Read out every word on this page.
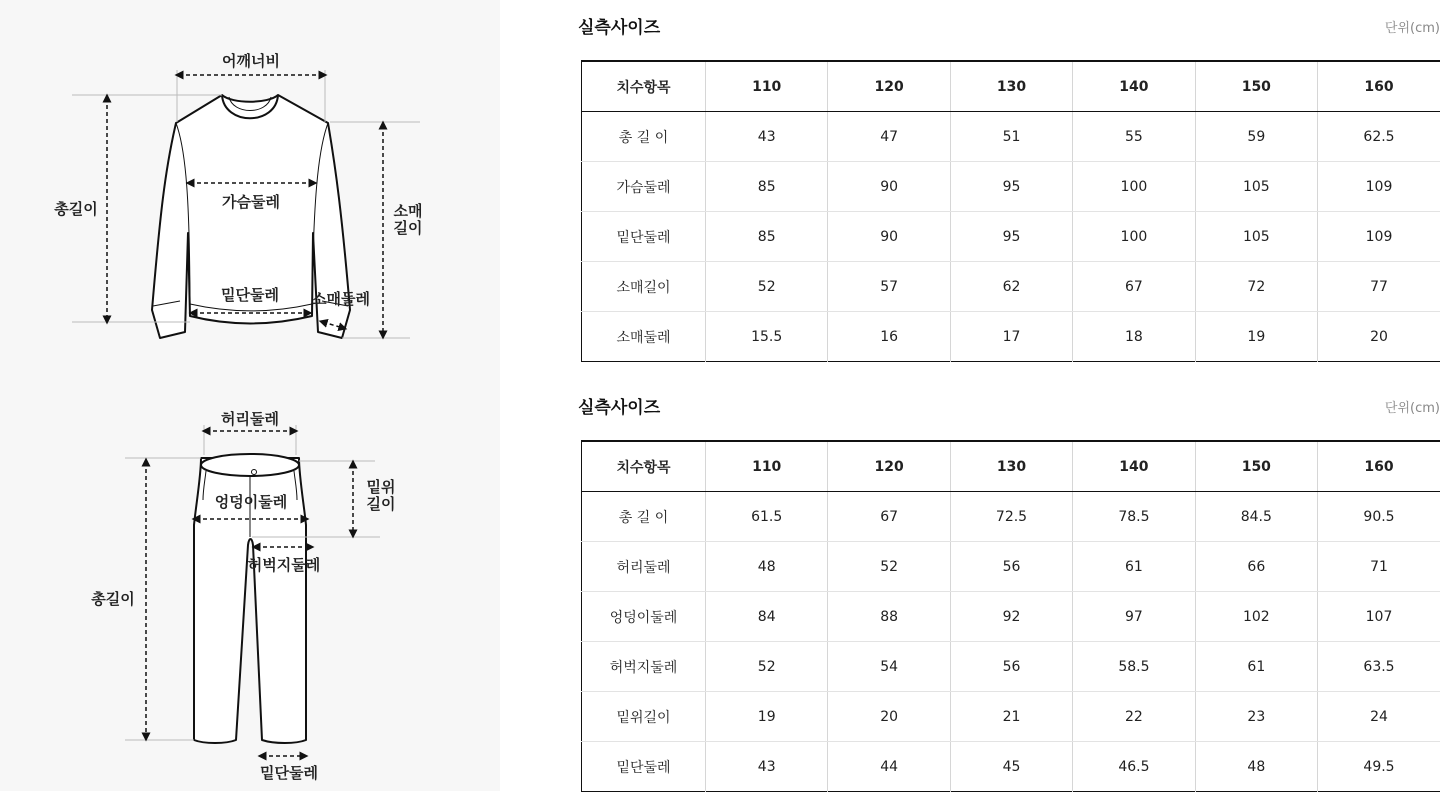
어깨너비
총길이	가슴둘레	소매
길이
밑단둘레 소매둘레
허리둘레
밑위
길이
엉덩이둘레
총길이
허벅지둘레
밑단둘레
실측사이즈	단위(cm)
치수항목	110	120	130	140	150	160
총 길 이	43	47	51	55	59	62.5
가슴둘레	85	90	95	100	105	109
밑단둘레	85	90	95	100	105	109
소매길이	52	57	62	67	72	77
소매둘레	15.5	16	17	18	19	20
실측사이즈	단위(cm)
치수항목	110	120	130	140	150	160
총 길 이	61.5	67	72.5	78.5	84.5	90.5
허리둘레	48	52	56	61	66	71
엉덩이둘레	84	88	92	97	102	107
허벅지둘레	52	54	56	58.5	61	63.5
밑위길이	19	20	21	22	23	24
밑단둘레	43	44	45	46.5	48	49.5
